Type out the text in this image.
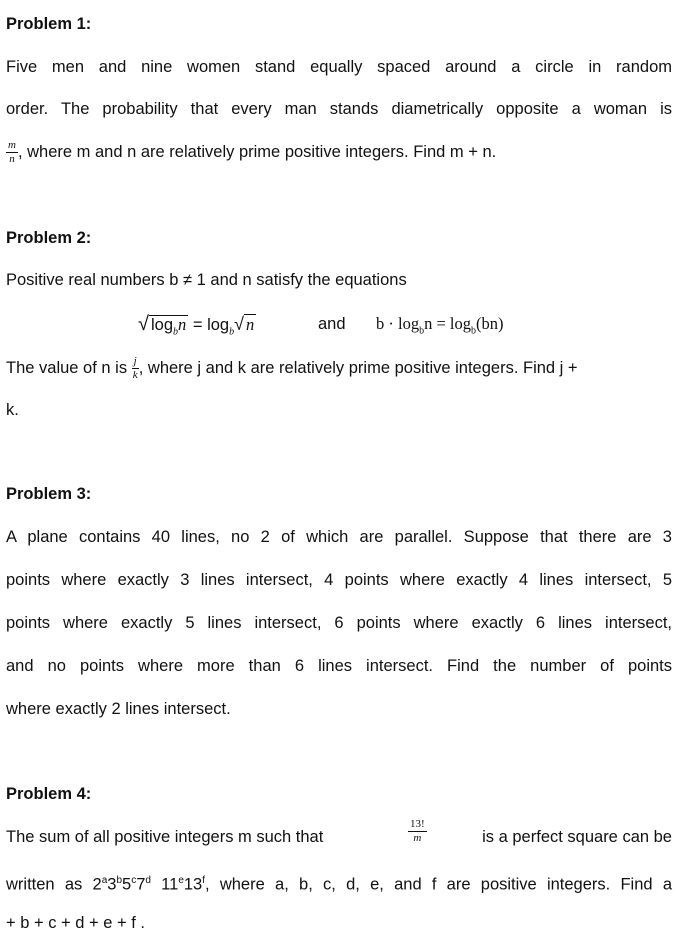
Problem 1:
Five men and nine women stand equally spaced around a circle in random
order. The probability that every man stands diametrically opposite a woman is
$\frac{m}{n}$ , where m and n are relatively prime positive integers. Find m + n.
Problem 2:
Positive real numbers b ≠ 1 and n satisfy the equations
√ $\log_bn = \log_b√$ n	and $b \cdot \log_bn = \log_b(bn)$
The value of n is $\frac{j}{k}$ , where j and k are relatively prime positive integers. Find j +
k.
Problem 3:
A plane contains 40 lines, no 2 of which are parallel. Suppose that there are 3
points where exactly 3 lines intersect, 4 points where exactly 4 lines intersect, 5
points where exactly 5 lines intersect, 6 points where exactly 6 lines intersect,
and no points where more than 6 lines intersect. Find the number of points
where exactly 2 lines intersect.
Problem 4:
The sum of all positive integers m such that	$\frac{13!}{m}$	is a perfect square can be
written as 2$^a$3$^b$5$^c$7$^d$ 11e13$^f$, where a, b, c, d, e, and f are positive integers. Find a
+ b + c + d + e + f .
